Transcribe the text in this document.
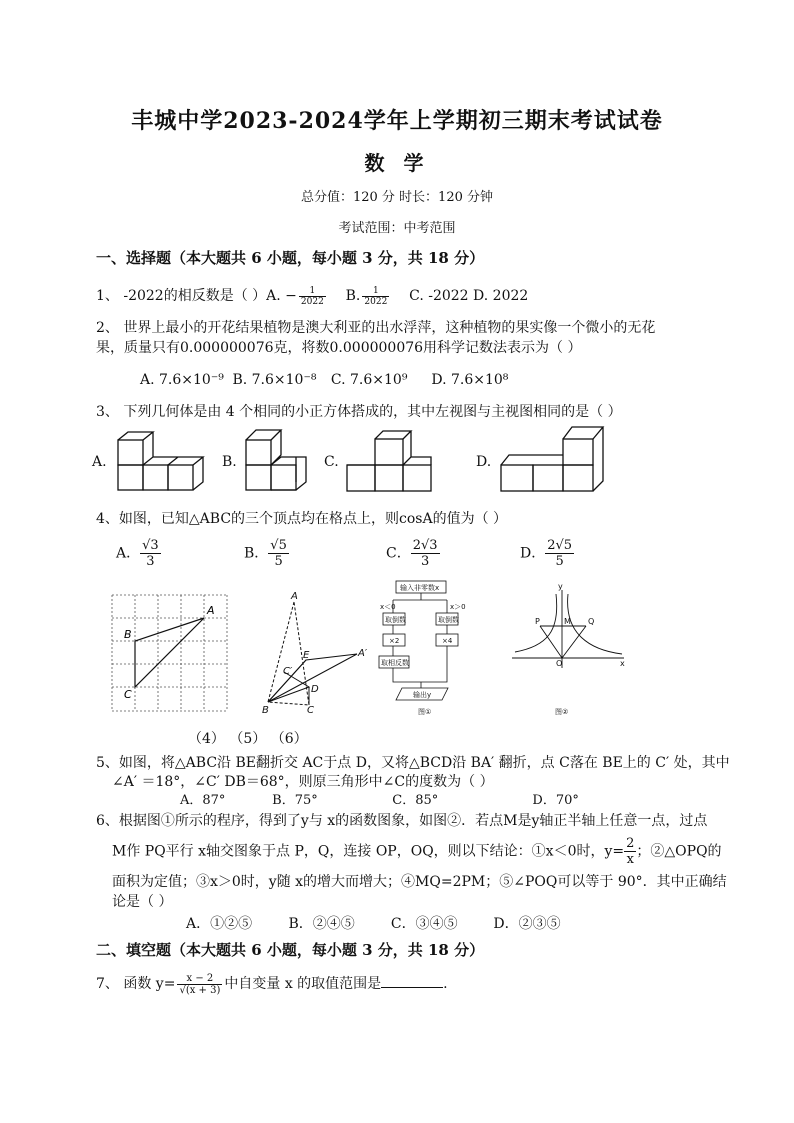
丰城中学2023-2024学年上学期初三期末考试试卷
数 学
总分值：120 分 时长：120 分钟
考试范围：中考范围
一、选择题（本大题共 6 小题，每小题 3 分，共 18 分）
1、 -2022的相反数是（ ）A. − $\frac{1}{2022} B$. $\frac{1}{2022} C$. -2022 D. 2022
2、 世界上最小的开花结果植物是澳大利亚的出水浮萍，这种植物的果实像一个微小的无花
果，质量只有0.000000076克，将数0.000000076用科学记数法表示为（ ）
A. 7.6×10⁻⁹ B. 7.6×10⁻⁸ C. 7.6×10⁹ D. 7.6×10⁸
3、 下列几何体是由 4 个相同的小正方体搭成的，其中左视图与主视图相同的是（ ）
A.	B.	C.	D.
4、如图，已知△ABC的三个顶点均在格点上，则cosA的值为（ ）
A． $\frac{√3}{3}$	B． $\frac{√5}{5}$	C． $\frac{2√3}{3}$	D． $\frac{2√5}{5}$
A
B
C
A
A′
B	C
C′
D
E
输入非零数x
x＜0	x＞0
取倒数	取倒数
×2	×4
取相反数
输出y
图①
y
P	M Q
O	x
图②
（4） （5） （6）
5、如图，将△ABC沿 BE翻折交 AC于点 D，又将△BCD沿 BA′ 翻折，点 C落在 BE上的 C′ 处，其中
∠A′ ＝18°，∠C′ DB＝68°，则原三角形中∠C的度数为（ ）
A．87°	B．75°	C．85°	D．70°
6、根据图①所示的程序，得到了y与 x的函数图象，如图②．若点M是y轴正半轴上任意一点，过点
M作 PQ平行 x轴交图象于点 P，Q，连接 OP，OQ，则以下结论：①x＜0时，$y= \frac{2}{x}$ ；②△OPQ的
面积为定值；③x＞0时，y随 x的增大而增大；④MQ=2PM；⑤∠POQ可以等于 90°．其中正确结
论是（ ）
A．①②⑤	B．②④⑤	C．③④⑤	D．②③⑤
二、填空题（本大题共 6 小题，每小题 3 分，共 18 分）
7、 函数 $y= \frac{x - 2}{√(x + 3)}$ 中自变量 x 的取值范围是	.
